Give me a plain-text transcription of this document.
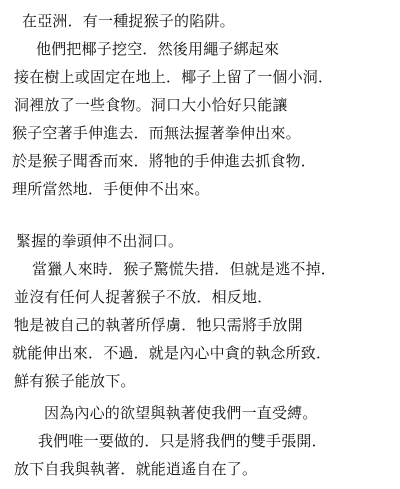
在亞洲．有一種捉猴子的陷阱。
他們把椰子挖空．然後用繩子綁起來
接在樹上或固定在地上．椰子上留了一個小洞．
洞裡放了一些食物。洞口大小恰好只能讓
猴子空著手伸進去．而無法握著拳伸出來。
於是猴子聞香而來．將牠的手伸進去抓食物．
理所當然地．手便伸不出來。
緊握的拳頭伸不出洞口。
當獵人來時．猴子驚慌失措．但就是逃不掉．
並沒有任何人捉著猴子不放．相反地．
牠是被自己的執著所俘虜．牠只需將手放開
就能伸出來．不過．就是內心中貪的執念所致．
鮮有猴子能放下。
因為內心的欲望與執著使我們一直受縛。
我們唯一要做的．只是將我們的雙手張開．
放下自我與執著．就能逍遙自在了。
